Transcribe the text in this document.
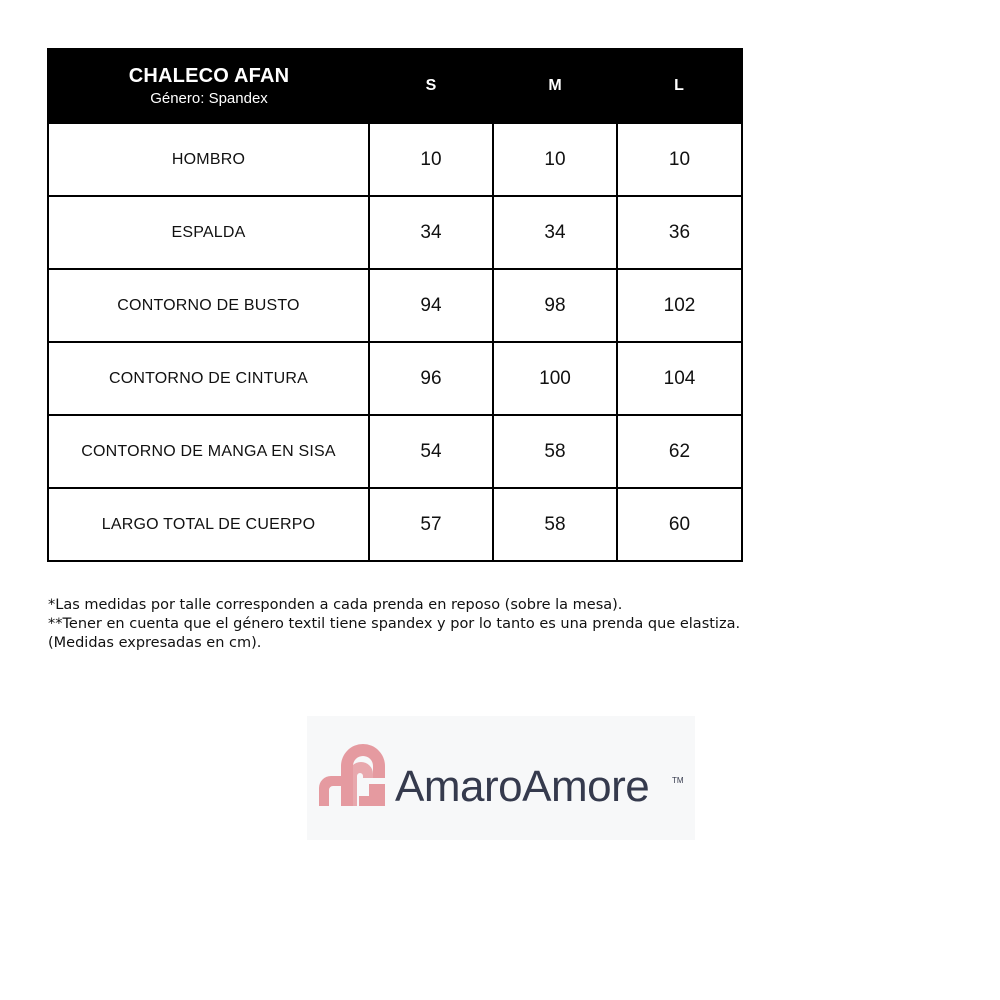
CHALECO AFAN
Género: Spandex	S	M	L
HOMBRO	10	10	10
ESPALDA	34	34	36
CONTORNO DE BUSTO	94	98	102
CONTORNO DE CINTURA	96	100	104
CONTORNO DE MANGA EN SISA	54	58	62
LARGO TOTAL DE CUERPO	57	58	60

*Las medidas por talle corresponden a cada prenda en reposo (sobre la mesa).

**Tener en cuenta que el género textil tiene spandex y por lo tanto es una prenda que elastiza.

(Medidas expresadas en cm).

AmaroAmore	TM
